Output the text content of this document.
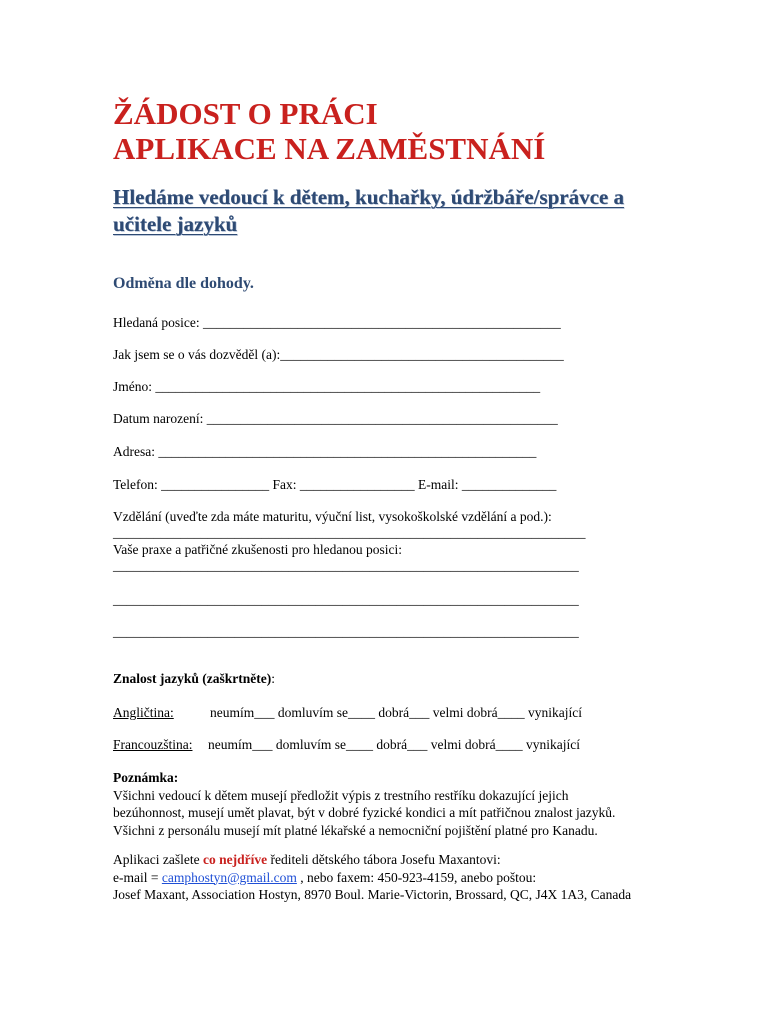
ŽÁDOST O PRÁCI
APLIKACE NA ZAMĚSTNÁNÍ
Hledáme vedoucí k dětem, kuchařky, údržbáře/správce a učitele jazyků
Odměna dle dohody.
Hledaná posice: _____________________________________________________
Jak jsem se o vás dozvěděl (a):__________________________________________
Jméno: _________________________________________________________
Datum narození: ____________________________________________________
Adresa: ________________________________________________________
Telefon: ________________ Fax: _________________ E-mail: ______________
Vzdělání (uveďte zda máte maturitu, výuční list, vysokoškolské vzdělání a pod.):
______________________________________________________________________
Vaše praxe a patřičné zkušenosti pro hledanou posici:
_____________________________________________________________________
_____________________________________________________________________
_____________________________________________________________________
Znalost jazyků (zaškrtněte):
Angličtina:	neumím___ domluvím se____ dobrá___ velmi dobrá____ vynikající
Francouzština: neumím___ domluvím se____ dobrá___ velmi dobrá____ vynikající
Poznámka:
Všichni vedoucí k dětem musejí předložit výpis z trestního restříku dokazující jejich
bezúhonnost, musejí umět plavat, být v dobré fyzické kondici a mít patřičnou znalost jazyků.
Všichni z personálu musejí mít platné lékařské a nemocniční pojištění platné pro Kanadu.
Aplikaci zašlete co nejdříve řediteli dětského tábora Josefu Maxantovi:
e-mail = camphostyn@gmail.com , nebo faxem: 450-923-4159, anebo poštou:
Josef Maxant, Association Hostyn, 8970 Boul. Marie-Victorin, Brossard, QC, J4X 1A3, Canada
